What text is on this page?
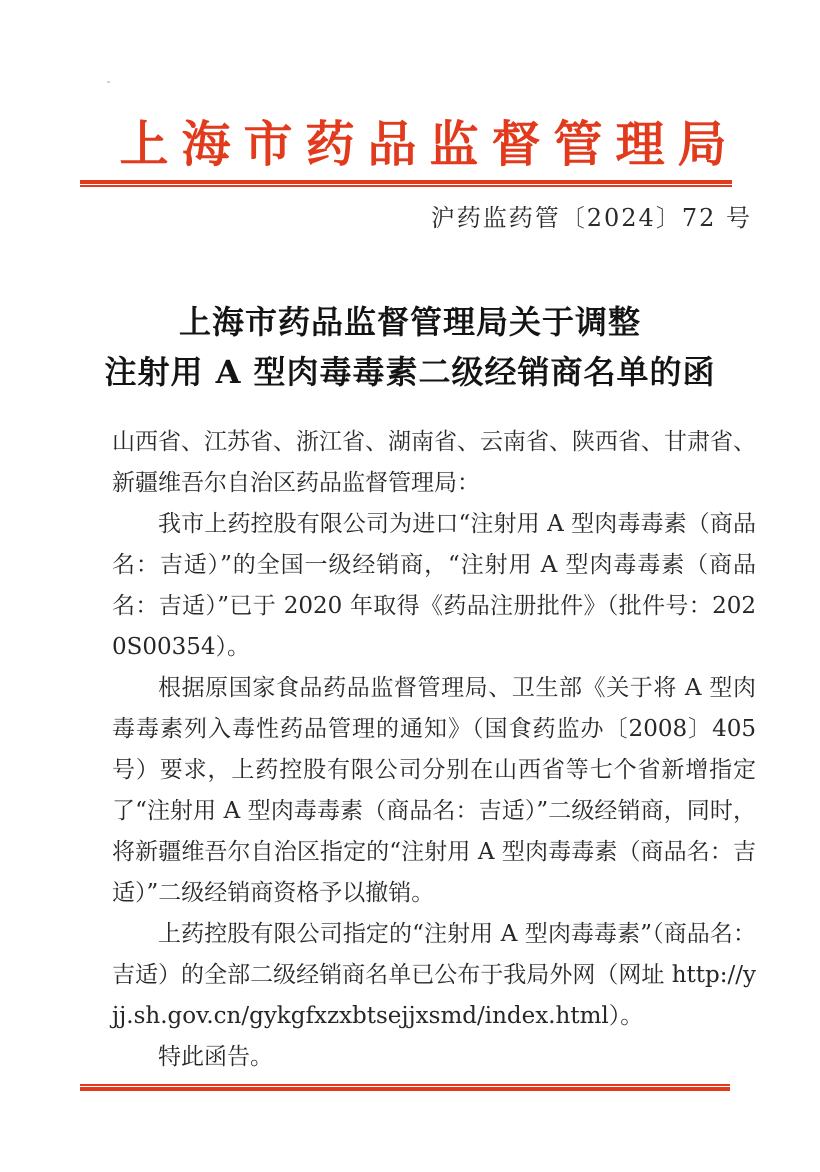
上海市药品监督管理局
沪药监药管〔2024〕72 号
上海市药品监督管理局关于调整
注射用 A 型肉毒毒素二级经销商名单的函

山西省、江苏省、浙江省、湖南省、云南省、陕西省、甘肃省、新疆维吾尔自治区药品监督管理局：

我市上药控股有限公司为进口“注射用 A 型肉毒毒素（商品名：吉适）”的全国一级经销商，“注射用 A 型肉毒毒素（商品名：吉适）”已于 2020 年取得《药品注册批件》（批件号：2020S00354）。

根据原国家食品药品监督管理局、卫生部《关于将 A 型肉毒毒素列入毒性药品管理的通知》（国食药监办〔2008〕405 号）要求，上药控股有限公司分别在山西省等七个省新增指定了“注射用 A 型肉毒毒素（商品名：吉适）”二级经销商，同时，将新疆维吾尔自治区指定的“注射用 A 型肉毒毒素（商品名：吉适）”二级经销商资格予以撤销。

上药控股有限公司指定的“注射用 A 型肉毒毒素”（商品名：吉适）的全部二级经销商名单已公布于我局外网（网址 http://yjj.sh.gov.cn/gykgfxzxbtsejjxsmd/index.html）。

特此函告。
